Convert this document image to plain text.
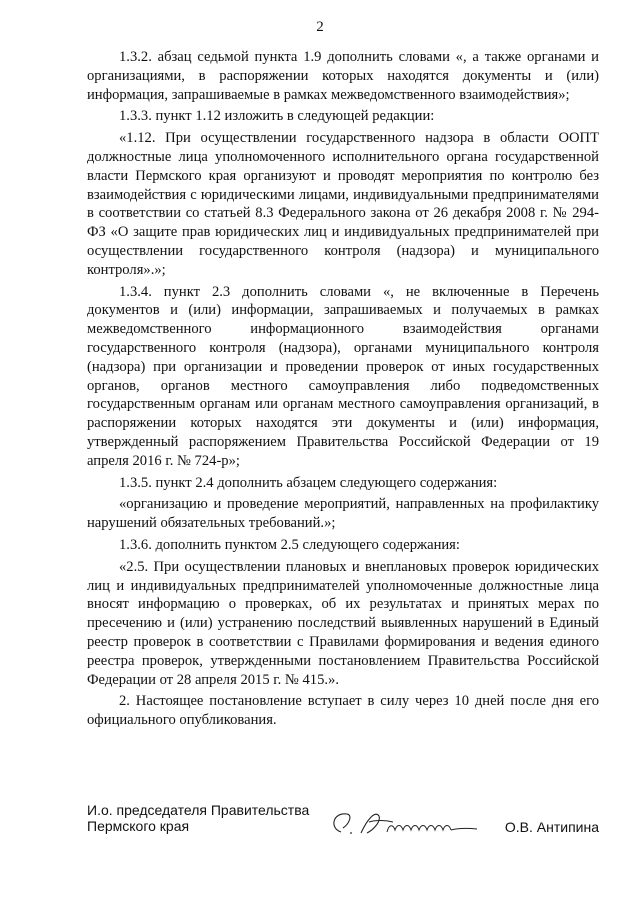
2

1.3.2. абзац седьмой пункта 1.9 дополнить словами «, а также органами и организациями, в распоряжении которых находятся документы и (или) информация, запрашиваемые в рамках межведомственного взаимодействия»;

1.3.3. пункт 1.12 изложить в следующей редакции:

«1.12. При осуществлении государственного надзора в области ООПТ должностные лица уполномоченного исполнительного органа государственной власти Пермского края организуют и проводят мероприятия по контролю без взаимодействия с юридическими лицами, индивидуальными предпринимателями в соответствии со статьей 8.3 Федерального закона от 26 декабря 2008 г. № 294-ФЗ «О защите прав юридических лиц и индивидуальных предпринимателей при осуществлении государственного контроля (надзора) и муниципального контроля».»;

1.3.4. пункт 2.3 дополнить словами «, не включенные в Перечень документов и (или) информации, запрашиваемых и получаемых в рамках межведомственного информационного взаимодействия органами государственного контроля (надзора), органами муниципального контроля (надзора) при организации и проведении проверок от иных государственных органов, органов местного самоуправления либо подведомственных государственным органам или органам местного самоуправления организаций, в распоряжении которых находятся эти документы и (или) информация, утвержденный распоряжением Правительства Российской Федерации от 19 апреля 2016 г. № 724-р»;

1.3.5. пункт 2.4 дополнить абзацем следующего содержания:

«организацию и проведение мероприятий, направленных на профилактику нарушений обязательных требований.»;

1.3.6. дополнить пунктом 2.5 следующего содержания:

«2.5. При осуществлении плановых и внеплановых проверок юридических лиц и индивидуальных предпринимателей уполномоченные должностные лица вносят информацию о проверках, об их результатах и принятых мерах по пресечению и (или) устранению последствий выявленных нарушений в Единый реестр проверок в соответствии с Правилами формирования и ведения единого реестра проверок, утвержденными постановлением Правительства Российской Федерации от 28 апреля 2015 г. № 415.».

2. Настоящее постановление вступает в силу через 10 дней после дня его официального опубликования.

И.о. председателя Правительства
Пермского края	О.В. Антипина
